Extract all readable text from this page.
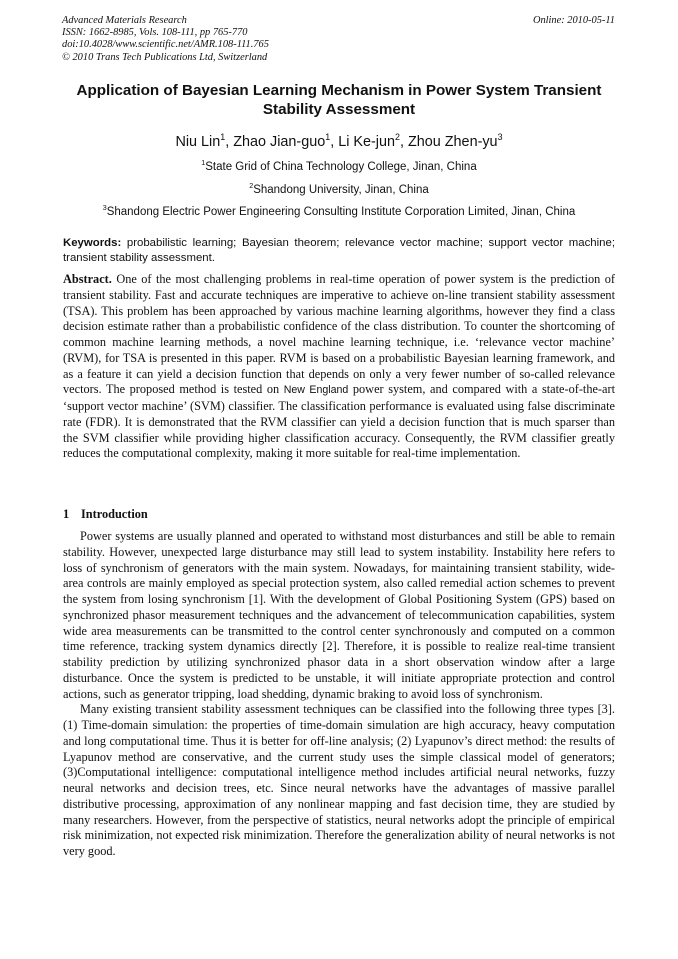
Advanced Materials Research
ISSN: 1662-8985, Vols. 108-111, pp 765-770
doi:10.4028/www.scientific.net/AMR.108-111.765
© 2010 Trans Tech Publications Ltd, Switzerland
Online: 2010-05-11
Application of Bayesian Learning Mechanism in Power System Transient
Stability Assessment
Niu Lin$^1$, Zhao Jian-guo$^1$, Li Ke-jun$^2$, Zhou Zhen-$yu^3$
$^1$State Grid of China Technology College, Jinan, China
$^2$Shandong University, Jinan, China
$^3$Shandong Electric Power Engineering Consulting Institute Corporation Limited, Jinan, China
Keywords: probabilistic learning; Bayesian theorem; relevance vector machine; support vector machine; transient stability assessment.
Abstract. One of the most challenging problems in real-time operation of power system is the prediction of transient stability. Fast and accurate techniques are imperative to achieve on-line transient stability assessment (TSA). This problem has been approached by various machine learning algorithms, however they find a class decision estimate rather than a probabilistic confidence of the class distribution. To counter the shortcoming of common machine learning methods, a novel machine learning technique, i.e. ‘relevance vector machine’ (RVM), for TSA is presented in this paper. RVM is based on a probabilistic Bayesian learning framework, and as a feature it can yield a decision function that depends on only a very fewer number of so-called relevance vectors. The proposed method is tested on New England power system, and compared with a state-of-the-art ‘support vector machine’ (SVM) classifier. The classification performance is evaluated using false discriminate rate (FDR). It is demonstrated that the RVM classifier can yield a decision function that is much sparser than the SVM classifier while providing higher classification accuracy. Consequently, the RVM classifier greatly reduces the computational complexity, making it more suitable for real-time implementation.
1 Introduction

Power systems are usually planned and operated to withstand most disturbances and still be able to remain stability. However, unexpected large disturbance may still lead to system instability. Instability here refers to loss of synchronism of generators with the main system. Nowadays, for maintaining transient stability, wide-area controls are mainly employed as special protection system, also called remedial action schemes to prevent the system from losing synchronism [1]. With the development of Global Positioning System (GPS) based on synchronized phasor measurement techniques and the advancement of telecommunication capabilities, system wide area measurements can be transmitted to the control center synchronously and computed on a common time reference, tracking system dynamics directly [2]. Therefore, it is possible to realize real-time transient stability prediction by utilizing synchronized phasor data in a short observation window after a large disturbance. Once the system is predicted to be unstable, it will initiate appropriate protection and control actions, such as generator tripping, load shedding, dynamic braking to avoid loss of synchronism.

Many existing transient stability assessment techniques can be classified into the following three types [3]. (1) Time-domain simulation: the properties of time-domain simulation are high accuracy, heavy computation and long computational time. Thus it is better for off-line analysis; (2) Lyapunov’s direct method: the results of Lyapunov method are conservative, and the current study uses the simple classical model of generators;(3)Computational intelligence: computational intelligence method includes artificial neural networks, fuzzy neural networks and decision trees, etc. Since neural networks have the advantages of massive parallel distributive processing, approximation of any nonlinear mapping and fast decision time, they are studied by many researchers. However, from the perspective of statistics, neural networks adopt the principle of empirical risk minimization, not expected risk minimization. Therefore the generalization ability of neural networks is not very good.
